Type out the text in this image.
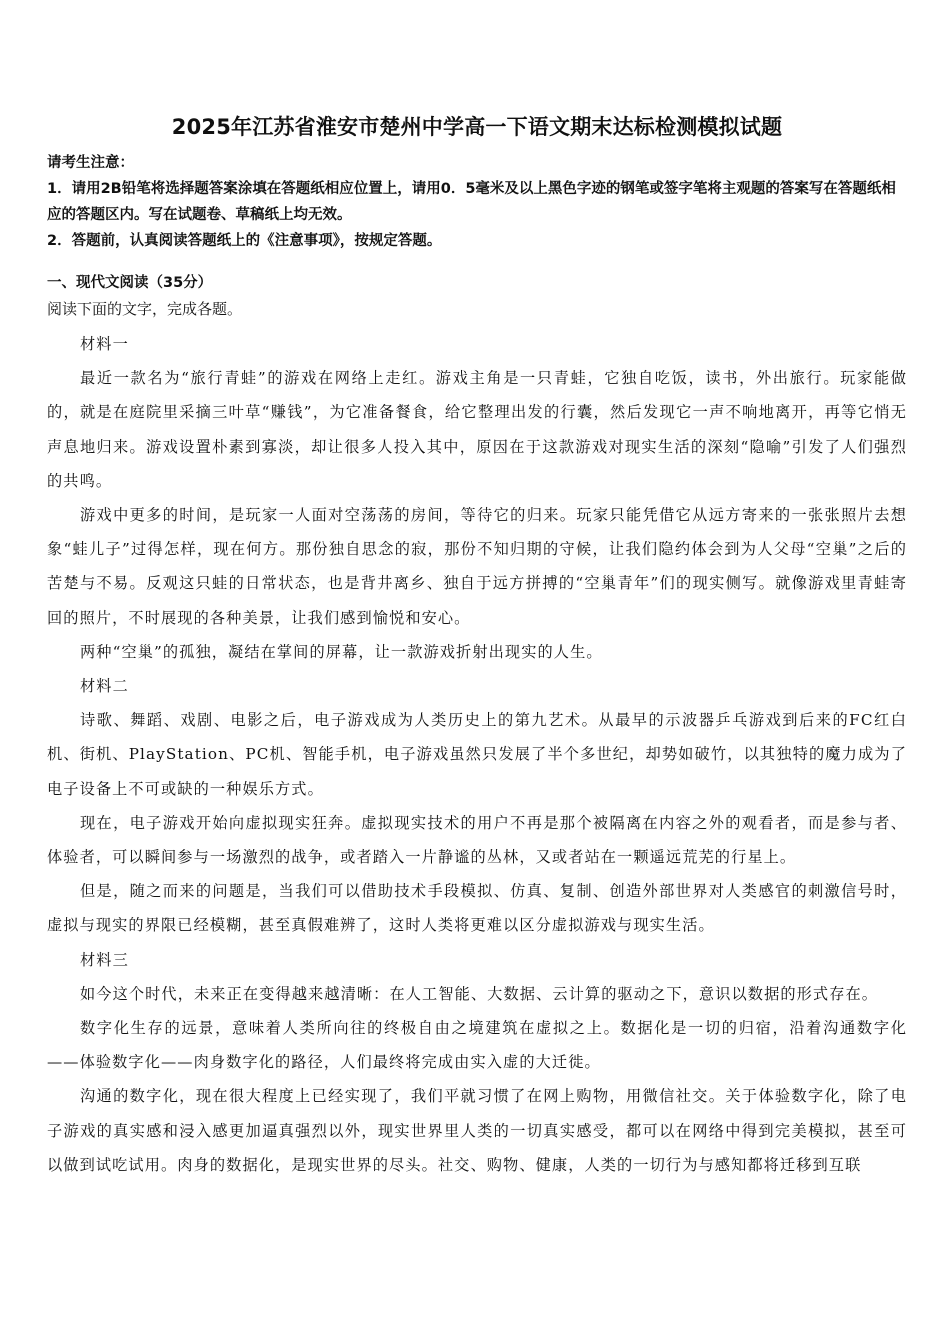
2025年江苏省淮安市楚州中学高一下语文期末达标检测模拟试题
请考生注意：
1．请用2B铅笔将选择题答案涂填在答题纸相应位置上，请用0．5毫米及以上黑色字迹的钢笔或签字笔将主观题的答案写在答题纸相应的答题区内。写在试题卷、草稿纸上均无效。
2．答题前，认真阅读答题纸上的《注意事项》，按规定答题。
一、现代文阅读（35分）
阅读下面的文字，完成各题。

材料一

最近一款名为“旅行青蛙”的游戏在网络上走红。游戏主角是一只青蛙，它独自吃饭，读书，外出旅行。玩家能做的，就是在庭院里采摘三叶草“赚钱”，为它准备餐食，给它整理出发的行囊，然后发现它一声不响地离开，再等它悄无声息地归来。游戏设置朴素到寡淡，却让很多人投入其中，原因在于这款游戏对现实生活的深刻“隐喻”引发了人们强烈的共鸣。

游戏中更多的时间，是玩家一人面对空荡荡的房间，等待它的归来。玩家只能凭借它从远方寄来的一张张照片去想象“蛙儿子”过得怎样，现在何方。那份独自思念的寂，那份不知归期的守候，让我们隐约体会到为人父母“空巢”之后的苦楚与不易。反观这只蛙的日常状态，也是背井离乡、独自于远方拼搏的“空巢青年”们的现实侧写。就像游戏里青蛙寄回的照片，不时展现的各种美景，让我们感到愉悦和安心。

两种“空巢”的孤独，凝结在掌间的屏幕，让一款游戏折射出现实的人生。

材料二

诗歌、舞蹈、戏剧、电影之后，电子游戏成为人类历史上的第九艺术。从最早的示波器乒乓游戏到后来的FC红白机、街机、PlayStation、PC机、智能手机，电子游戏虽然只发展了半个多世纪，却势如破竹，以其独特的魔力成为了电子设备上不可或缺的一种娱乐方式。

现在，电子游戏开始向虚拟现实狂奔。虚拟现实技术的用户不再是那个被隔离在内容之外的观看者，而是参与者、体验者，可以瞬间参与一场激烈的战争，或者踏入一片静谧的丛林，又或者站在一颗遥远荒芜的行星上。

但是，随之而来的问题是，当我们可以借助技术手段模拟、仿真、复制、创造外部世界对人类感官的刺激信号时，虚拟与现实的界限已经模糊，甚至真假难辨了，这时人类将更难以区分虚拟游戏与现实生活。

材料三

如今这个时代，未来正在变得越来越清晰：在人工智能、大数据、云计算的驱动之下，意识以数据的形式存在。

数字化生存的远景，意味着人类所向往的终极自由之境建筑在虚拟之上。数据化是一切的归宿，沿着沟通数字化——体验数字化——肉身数字化的路径，人们最终将完成由实入虚的大迁徙。

沟通的数字化，现在很大程度上已经实现了，我们平就习惯了在网上购物，用微信社交。关于体验数字化，除了电子游戏的真实感和浸入感更加逼真强烈以外，现实世界里人类的一切真实感受，都可以在网络中得到完美模拟，甚至可以做到试吃试用。肉身的数据化，是现实世界的尽头。社交、购物、健康，人类的一切行为与感知都将迁移到互联
